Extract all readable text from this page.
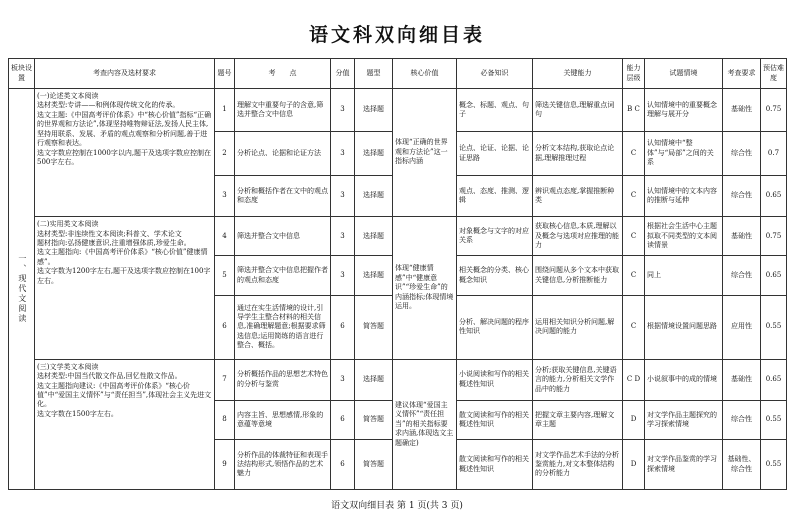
语文科双向细目表
板块设置	考查内容及选材要求	题号	考　　点	分值	题型	核心价值	必备知识	关键能力	能力层级	试题情境	考查要求	预估难度

一、现代文阅读	(一)论述类文本阅读
选材类型:专讲——和例体现传统文化的传承。
选文主题:《中国高考评价体系》中“核心价值”指标“正确的世界观和方法论”,体现坚持唯物辩证法,发扬人民主体,坚持用联系、发展、矛盾的观点观察和分析问题,善于进行观察和表达。
选文字数应控制在1000字以内,题干及选项字数应控制在500字左右。	1	理解文中重要句子的含意,筛选并整合文中信息	3	选择题	体现“正确的世界观和方法论”这一指标内涵	概念、标题、观点、句子	筛选关键信息,理解重点词句	B C	认知情境中的重要概念理解与展开分	基础性	0.75
		2	分析论点、论据和论证方法	3	选择题		论点、论证、论据、论证思路	分析文本结构,获取论点论据,理解推理过程	C	认知情境中“整体”与“局部”之间的关系	综合性	0.7
		3	分析和概括作者在文中的观点和态度	3	选择题		观点、态度、推测、逻辑	辨识观点态度,掌握推断种类	C	认知情境中的文本内容的推断与延伸	综合性	0.65

	(二)实用类文本阅读
选材类型:非连续性文本阅读;科普文、学术论文
题材指向:弘扬健康意识,注重增强体质,珍爱生命。
选文主题指向:《中国高考评价体系》“核心价值”健康情感”。
选文字数为1200字左右,题干及选项字数应控制在100字左右。	4	筛选并整合文中信息	3	选择题	体现“健康情感”中“健康意识”“珍爱生命”的内涵指标;体现情境运用。	对象概念与文字的对应关系	获取核心信息,本质,理解以及概念与选项对应推理的能力	C	根据社会生活中心主题拟取不同类型的文本阅读情景	基础性	0.75
		5	筛选并整合文中信息把握作者的观点和态度	3	选择题		相关概念的分类、核心概念知识	围绕问题从多个文本中获取关键信息,分析推断能力	C	同上	综合性	0.65
		6	通过在实生活情境的设计,引导学生主整合材料的相关信息,准确理解题意;根据要求筛选信息;运用简练的语言进行整合、概括。	6	简答题		分析、解决问题的程序性知识	运用相关知识分析问题,解决问题的能力	C	根据情境设置问题思路	应用性	0.55

	(三)文学类文本阅读
选材类型:中国当代散文作品,回忆性散文作品。
选文主题指向建议:《中国高考评价体系》“核心价值”中“爱国主义情怀”与“责任担当”,体现社会主义先进文化。
选文字数在1500字左右。	7	分析概括作品的思想艺术特色的分析与鉴赏	3	选择题	建议体现“爱国主义情怀”“责任担当”的相关指标要求内涵,体现选文主题确定)	小说阅读和写作的相关概述性知识	分析;获取关键信息,关键语言的能力,分析相关文学作品中的能力	C D	小说叙事中的成的情境	基础性	0.65
		8	内容主旨、思想感情,形象的意蕴等意境	6	简答题		散文阅读和写作的相关概述性知识	把握文章主要内容,理解文章主题	D	对文学作品主题探究的学习探索情境	综合性	0.55
		9	分析作品的体裁特征和表现手法结构形式,领悟作品的艺术魅力	6	简答题		散文阅读和写作的相关概述性知识	对文学作品艺术手法的分析鉴赏能力,对文本整体结构的分析能力	D	对文学作品鉴赏的学习探索情境	基础性、综合性	0.55
语文双向细目表 第 1 页(共 3 页)
